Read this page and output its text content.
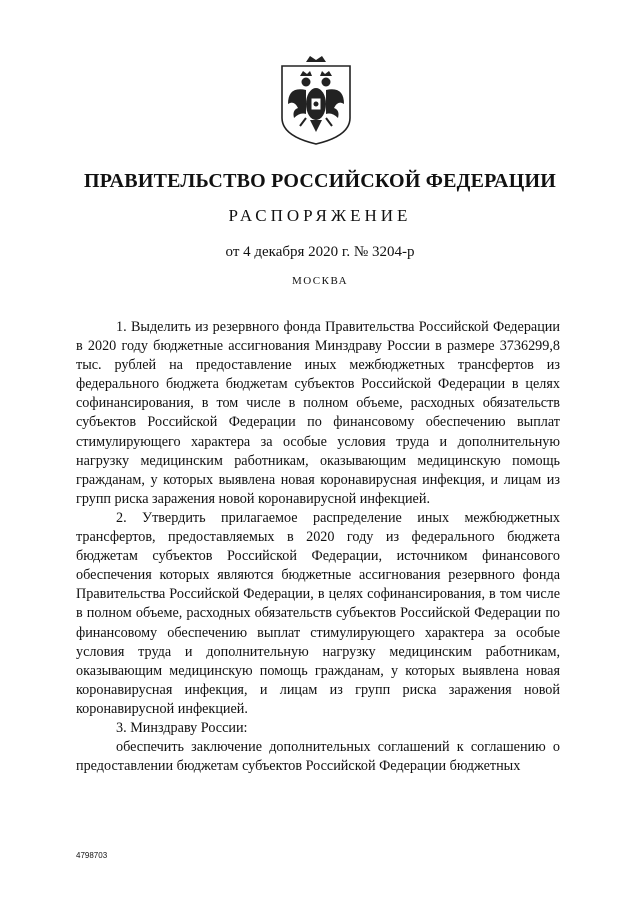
ПРАВИТЕЛЬСТВО РОССИЙСКОЙ ФЕДЕРАЦИИ
РАСПОРЯЖЕНИЕ
от 4 декабря 2020 г. № 3204-р
МОСКВА

1. Выделить из резервного фонда Правительства Российской Федерации в 2020 году бюджетные ассигнования Минздраву России в размере 3736299,8 тыс. рублей на предоставление иных межбюджетных трансфертов из федерального бюджета бюджетам субъектов Российской Федерации в целях софинансирования, в том числе в полном объеме, расходных обязательств субъектов Российской Федерации по финансовому обеспечению выплат стимулирующего характера за особые условия труда и дополнительную нагрузку медицинским работникам, оказывающим медицинскую помощь гражданам, у которых выявлена новая коронавирусная инфекция, и лицам из групп риска заражения новой коронавирусной инфекцией.

2. Утвердить прилагаемое распределение иных межбюджетных трансфертов, предоставляемых в 2020 году из федерального бюджета бюджетам субъектов Российской Федерации, источником финансового обеспечения которых являются бюджетные ассигнования резервного фонда Правительства Российской Федерации, в целях софинансирования, в том числе в полном объеме, расходных обязательств субъектов Российской Федерации по финансовому обеспечению выплат стимулирующего характера за особые условия труда и дополнительную нагрузку медицинским работникам, оказывающим медицинскую помощь гражданам, у которых выявлена новая коронавирусная инфекция, и лицам из групп риска заражения новой коронавирусной инфекцией.

3. Минздраву России:

обеспечить заключение дополнительных соглашений к соглашению о предоставлении бюджетам субъектов Российской Федерации бюджетных

4798703
